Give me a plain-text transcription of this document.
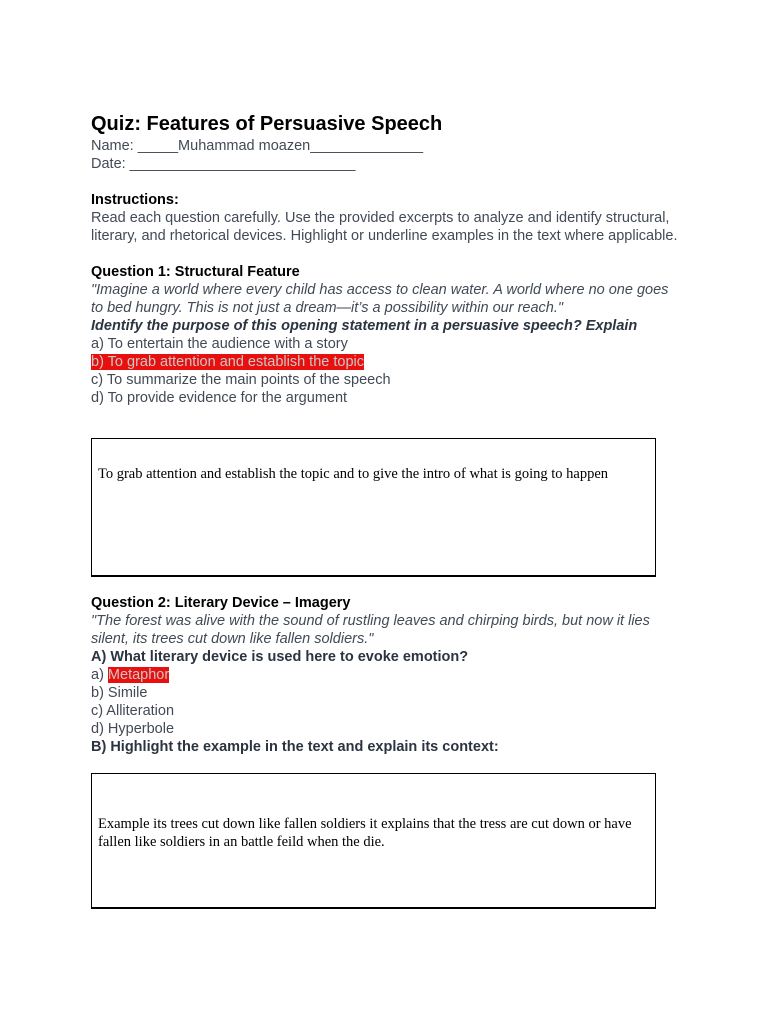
Quiz: Features of Persuasive Speech

Name: _____Muhammad moazen______________

Date: ____________________________

Instructions:

Read each question carefully. Use the provided excerpts to analyze and identify structural, literary, and rhetorical devices. Highlight or underline examples in the text where applicable.

Question 1: Structural Feature

"Imagine a world where every child has access to clean water. A world where no one goes to bed hungry. This is not just a dream—it’s a possibility within our reach."

Identify the purpose of this opening statement in a persuasive speech? Explain

a) To entertain the audience with a story

b) To grab attention and establish the topic

c) To summarize the main points of the speech

d) To provide evidence for the argument

To grab attention and establish the topic and to give the intro of what is going to happen

Question 2: Literary Device – Imagery

"The forest was alive with the sound of rustling leaves and chirping birds, but now it lies silent, its trees cut down like fallen soldiers."

A) What literary device is used here to evoke emotion?

a) Metaphor

b) Simile

c) Alliteration

d) Hyperbole

B) Highlight the example in the text and explain its context:

Example its trees cut down like fallen soldiers it explains that the tress are cut down or have fallen like soldiers in an battle feild when the die.
